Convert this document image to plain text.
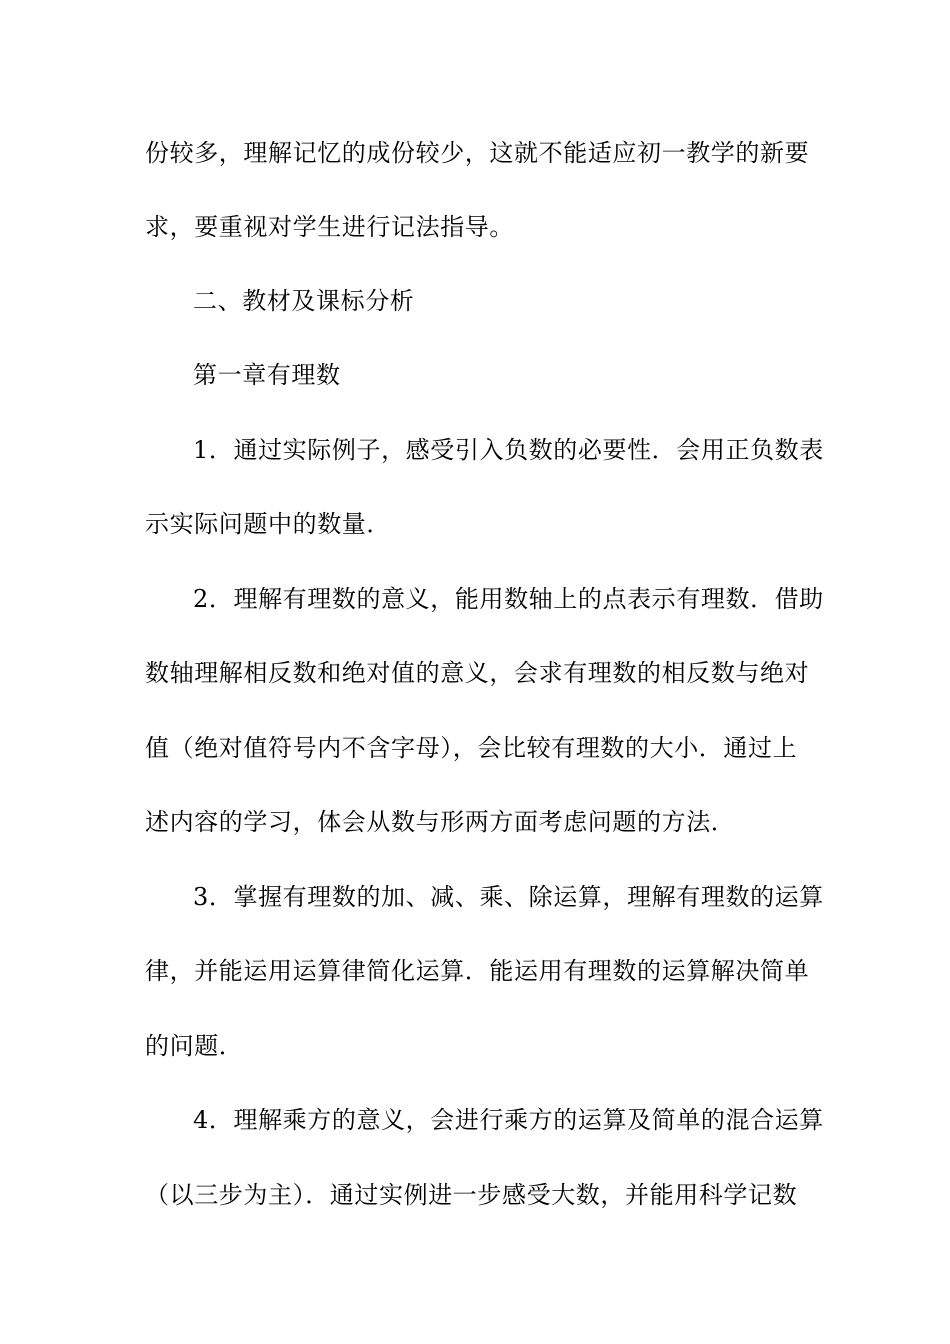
份较多，理解记忆的成份较少，这就不能适应初一教学的新要
求，要重视对学生进行记法指导。
二、教材及课标分析
第一章有理数
1．通过实际例子，感受引入负数的必要性．会用正负数表
示实际问题中的数量．
2．理解有理数的意义，能用数轴上的点表示有理数．借助
数轴理解相反数和绝对值的意义，会求有理数的相反数与绝对
值（绝对值符号内不含字母），会比较有理数的大小．通过上
述内容的学习，体会从数与形两方面考虑问题的方法．
3．掌握有理数的加、减、乘、除运算，理解有理数的运算
律，并能运用运算律简化运算．能运用有理数的运算解决简单
的问题．
4．理解乘方的意义，会进行乘方的运算及简单的混合运算
（以三步为主）．通过实例进一步感受大数，并能用科学记数
